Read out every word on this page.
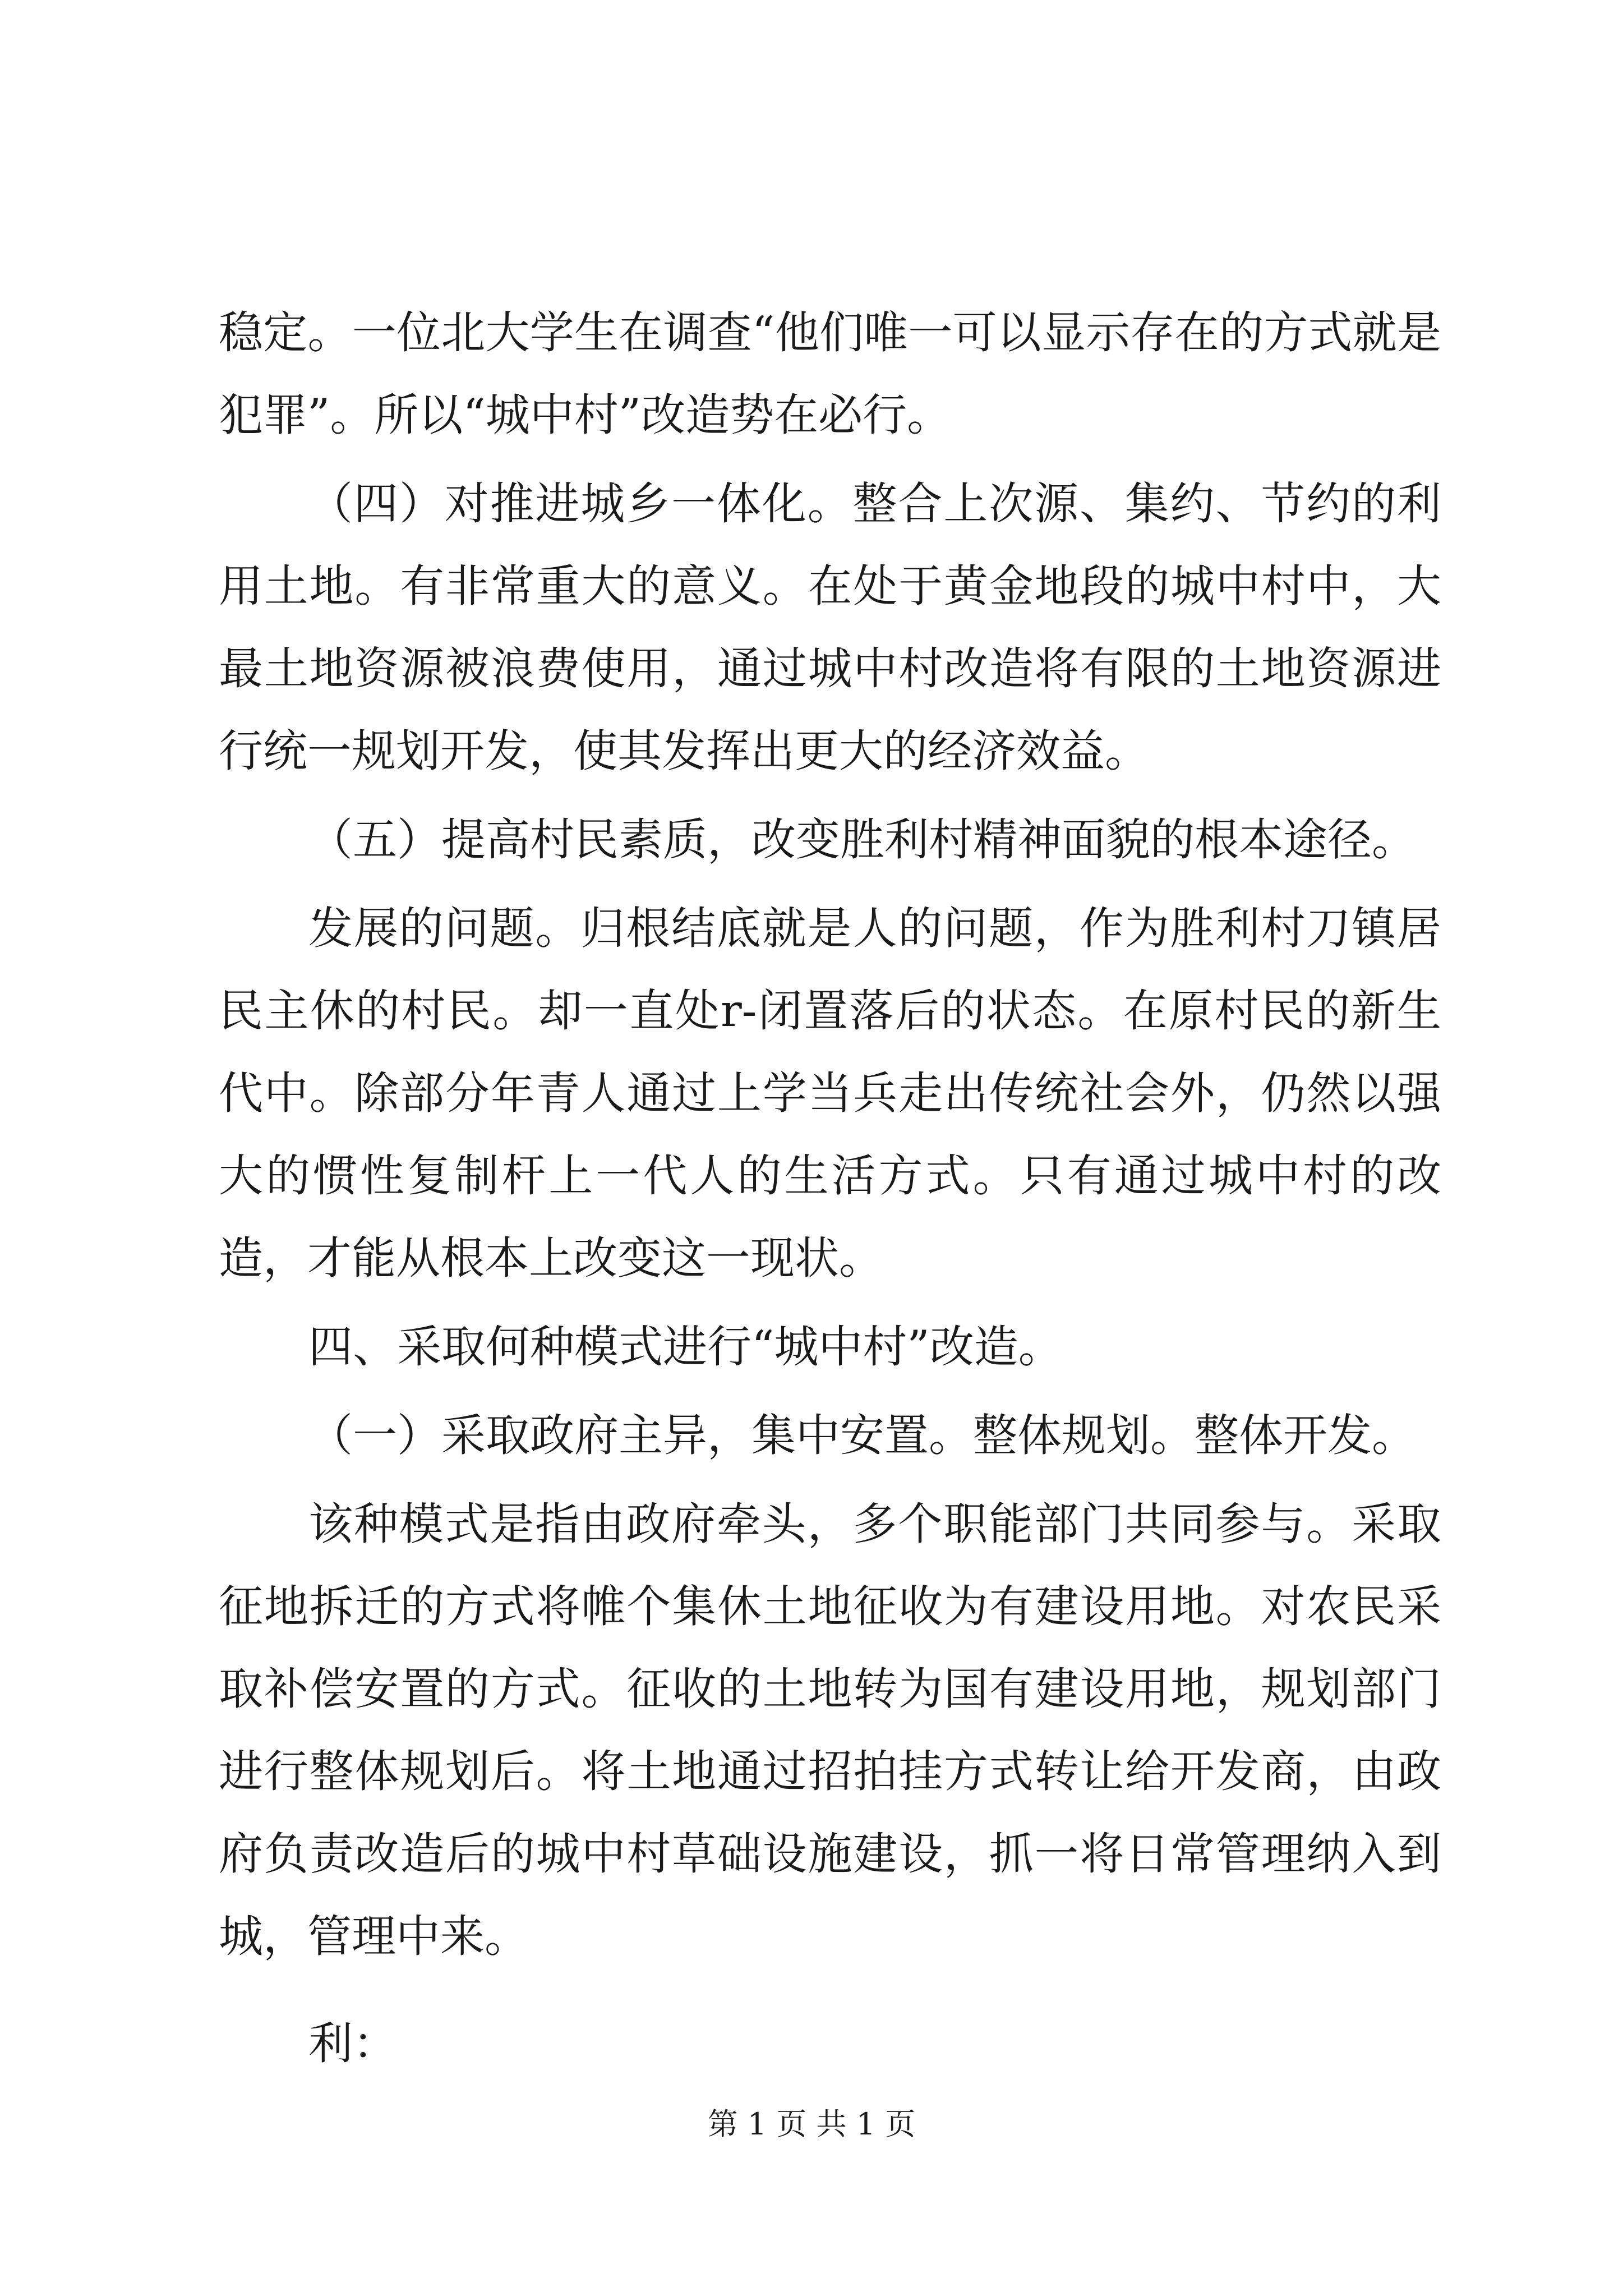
稳定。一位北大学生在调查“他们唯一可以显示存在的方式就是犯罪”。所以“城中村”改造势在必行。

（四）对推进城乡一体化。整合上次源、集约、节约的利用土地。有非常重大的意义。在处于黄金地段的城中村中，大最土地资源被浪费使用，通过城中村改造将有限的土地资源进行统一规划开发，使其发挥出更大的经济效益。

（五）提高村民素质，改变胜利村精神面貌的根本途径。

发展的问题。归根结底就是人的问题，作为胜利村刀镇居民主休的村民。却一直处r-闭置落后的状态。在原村民的新生代中。除部分年青人通过上学当兵走出传统社会外，仍然以强大的惯性复制杆上一代人的生活方式。只有通过城中村的改造，才能从根本上改变这一现状。

四、采取何种模式进行“城中村”改造。

（一）采取政府主异，集中安置。整体规划。整体开发。

该种模式是指由政府牵头，多个职能部门共同参与。采取征地拆迁的方式将帷个集休土地征收为有建设用地。对农民采取补偿安置的方式。征收的土地转为国有建设用地，规划部门进行整体规划后。将土地通过招拍挂方式转让给开发商，由政府负责改造后的城中村草础设施建设，抓一将日常管理纳入到城，管理中来。

利：

第 1 页 共 1 页
